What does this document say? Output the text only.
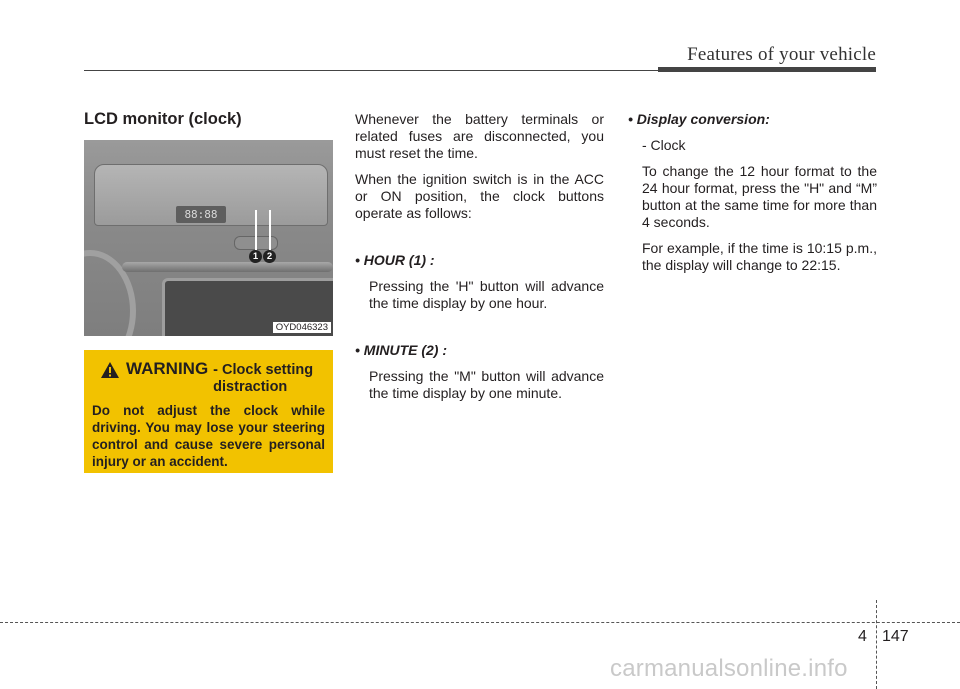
Features of your vehicle
LCD monitor (clock)
88:88
1 2
OYD046323
WARNING - Clock setting distraction
Do not adjust the clock while driving. You may lose your steering control and cause severe personal injury or an accident.

Whenever the battery terminals or related fuses are disconnected, you must reset the time.

When the ignition switch is in the ACC or ON position, the clock buttons operate as follows:

• HOUR (1) :

Pressing the 'H" button will advance the time display by one hour.

• MINUTE (2) :

Pressing the "M" button will advance the time display by one minute.

• Display conversion:

- Clock

To change the 12 hour format to the 24 hour format, press the "H" and “M” button at the same time for more than 4 seconds.

For example, if the time is 10:15 p.m., the display will change to 22:15.

4 147
carmanualsonline.info
